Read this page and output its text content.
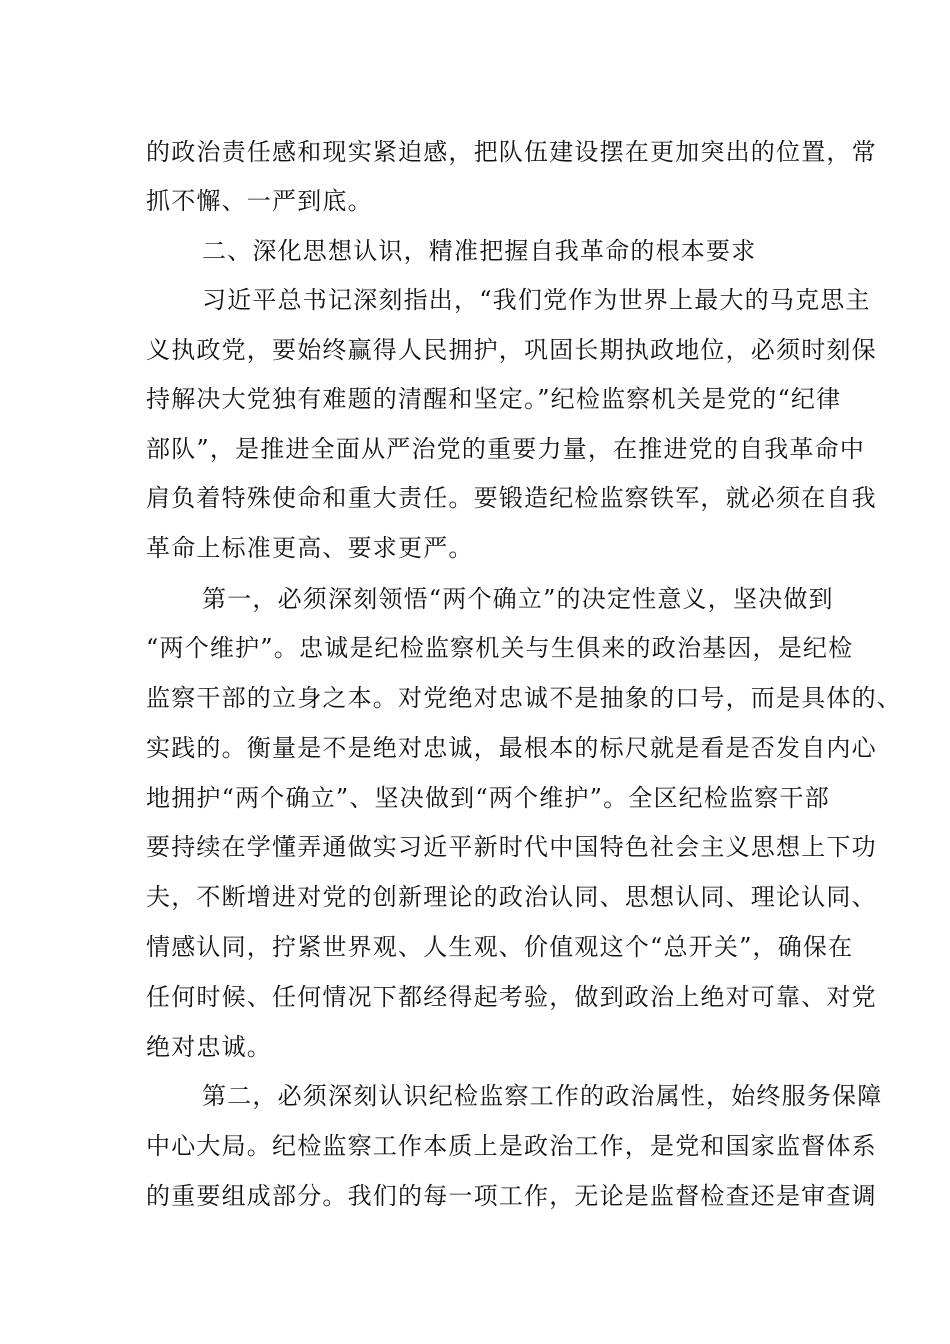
的政治责任感和现实紧迫感，把队伍建设摆在更加突出的位置，常
抓不懈、一严到底。
二、深化思想认识，精准把握自我革命的根本要求
习近平总书记深刻指出，“我们党作为世界上最大的马克思主
义执政党，要始终赢得人民拥护，巩固长期执政地位，必须时刻保
持解决大党独有难题的清醒和坚定。”纪检监察机关是党的“纪律
部队”，是推进全面从严治党的重要力量，在推进党的自我革命中
肩负着特殊使命和重大责任。要锻造纪检监察铁军，就必须在自我
革命上标准更高、要求更严。
第一，必须深刻领悟“两个确立”的决定性意义，坚决做到
“两个维护”。忠诚是纪检监察机关与生俱来的政治基因，是纪检
监察干部的立身之本。对党绝对忠诚不是抽象的口号，而是具体的、
实践的。衡量是不是绝对忠诚，最根本的标尺就是看是否发自内心
地拥护“两个确立”、坚决做到“两个维护”。全区纪检监察干部
要持续在学懂弄通做实习近平新时代中国特色社会主义思想上下功
夫，不断增进对党的创新理论的政治认同、思想认同、理论认同、
情感认同，拧紧世界观、人生观、价值观这个“总开关”，确保在
任何时候、任何情况下都经得起考验，做到政治上绝对可靠、对党
绝对忠诚。
第二，必须深刻认识纪检监察工作的政治属性，始终服务保障
中心大局。纪检监察工作本质上是政治工作，是党和国家监督体系
的重要组成部分。我们的每一项工作，无论是监督检查还是审查调
